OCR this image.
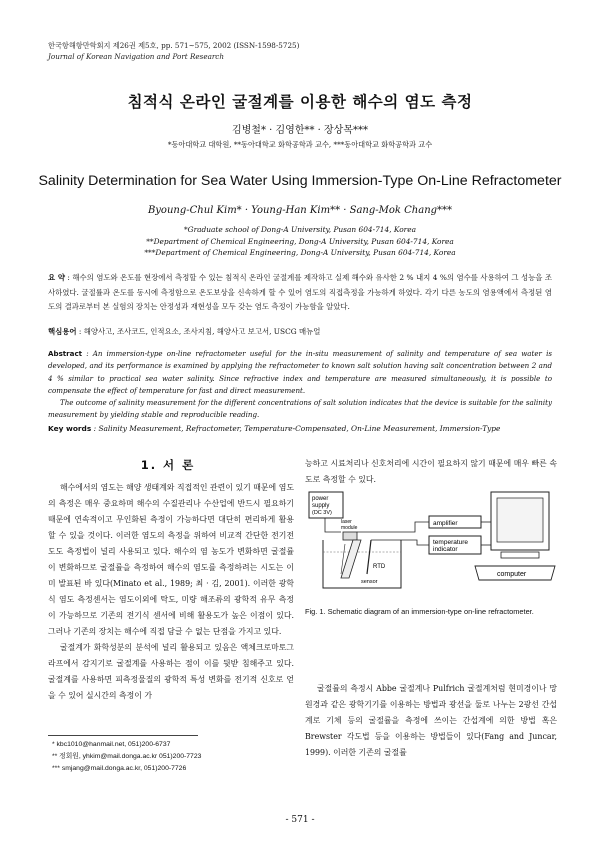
한국항해항만학회지 제26권 제5호, pp. 571~575, 2002 (ISSN-1598-5725)
Journal of Korean Navigation and Port Research
침적식 온라인 굴절계를 이용한 해수의 염도 측정
김병철* · 김영한** · 장상목***
*동아대학교 대학원, **동아대학교 화학공학과 교수, ***동아대학교 화학공학과 교수
Salinity Determination for Sea Water Using Immersion-Type On-Line Refractometer
Byoung-Chul Kim* · Young-Han Kim** · Sang-Mok Chang***
*Graduate school of Dong-A University, Pusan 604-714, Korea
**Department of Chemical Engineering, Dong-A University, Pusan 604-714, Korea
***Department of Chemical Engineering, Dong-A University, Pusan 604-714, Korea
요 약 : 해수의 염도와 온도를 현장에서 측정할 수 있는 침적식 온라인 굴절계를 제작하고 실제 해수와 유사한 2 % 내지 4 %의 염수를 사용하여 그 성능을 조사하였다. 굴절률과 온도를 동시에 측정함으로 온도보상을 신속하게 할 수 있어 염도의 직접측정을 가능하게 하였다. 각기 다른 농도의 염용액에서 측정된 염도의 결과로부터 본 실험의 장치는 안정성과 재현성을 모두 갖는 염도 측정이 가능함을 알았다.
핵심용어 : 해양사고, 조사코드, 인적요소, 조사지침, 해양사고 보고서, USCG 매뉴얼
Abstract : An immersion-type on-line refractometer useful for the in-situ measurement of salinity and temperature of sea water is developed, and its performance is examined by applying the refractometer to known salt solution having salt concentration between 2 and 4 % similar to practical sea water salinity. Since refractive index and temperature are measured simultaneously, it is possible to compensate the effect of temperature for fast and direct measurement.
The outcome of salinity measurement for the different concentrations of salt solution indicates that the device is suitable for the salinity measurement by yielding stable and reproducible reading.
Key words : Salinity Measurement, Refractometer, Temperature-Compensated, On-Line Measurement, Immersion-Type
1. 서 론

해수에서의 염도는 해양 생태계와 직접적인 관련이 있기 때문에 염도의 측정은 매우 중요하며 해수의 수질관리나 수산업에 반드시 필요하기 때문에 연속적이고 무인화된 측정이 가능하다면 대단히 편리하게 활용할 수 있을 것이다. 이러한 염도의 측정을 위하여 비교적 간단한 전기전도도 측정법이 널리 사용되고 있다. 해수의 염 농도가 변화하면 굴절률이 변화하므로 굴절률을 측정하여 해수의 염도를 측정하려는 시도는 이미 발표된 바 있다(Minato et al., 1989; 최 · 김, 2001). 이러한 광학식 염도 측정센서는 염도이외에 탁도, 미량 해조류의 광학적 유무 측정이 가능하므로 기존의 전기식 센서에 비해 활용도가 높은 이점이 있다. 그러나 기존의 장치는 해수에 직접 담글 수 없는 단점을 가지고 있다.

굴절계가 화학성분의 분석에 널리 활용되고 있음은 액체크로마토그라프에서 감지기로 굴절계를 사용하는 점이 이를 뒷받 침해주고 있다. 굴절계를 사용하면 피측정물질의 광학적 특성 변화를 전기적 신호로 얻을 수 있어 실시간의 측정이 가

능하고 시료처리나 신호처리에 시간이 필요하지 않기 때문에 매우 빠른 속도로 측정할 수 있다.
power
supply
(DC 3V)
laser
module
RTD
sensor
amplifier
temperature
indicator
computer
Fig. 1. Schematic diagram of an immersion-type on-line refractometer.

굴절률의 측정시 Abbe 굴절계나 Pulfrich 굴절계처럼 현미경이나 망원경과 같은 광학기기를 이용하는 방법과 광선을 둘로 나누는 2광선 간섭계로 기체 등의 굴절률을 측정에 쓰이는 간섭계에 의한 방법 혹은 Brewster 각도법 등을 이용하는 방법들이 있다(Fang and Juncar, 1999). 이러한 기존의 굴절률

* kbc1010@hanmail.net, 051)200-6737
** 정회원, yhkim@mail.donga.ac.kr 051)200-7723
*** smjang@mail.donga.ac.kr, 051)200-7726
- 571 -
